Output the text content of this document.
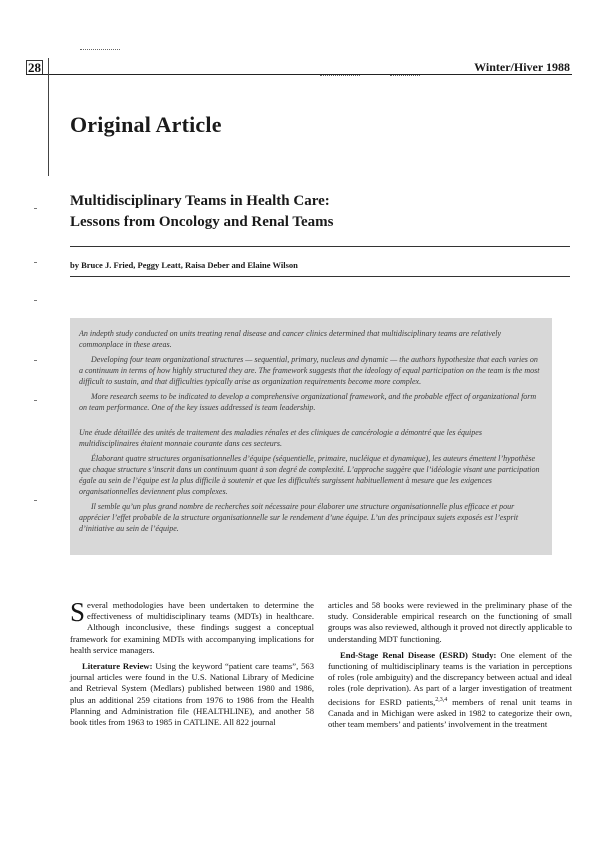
28	Winter/Hiver 1988
Original Article
Multidisciplinary Teams in Health Care:
Lessons from Oncology and Renal Teams
by Bruce J. Fried, Peggy Leatt, Raisa Deber and Elaine Wilson

An indepth study conducted on units treating renal disease and cancer clinics determined that multidisciplinary teams are relatively commonplace in these areas.

Developing four team organizational structures — sequential, primary, nucleus and dynamic — the authors hypothesize that each varies on a continuum in terms of how highly structured they are. The framework suggests that the ideology of equal participation on the team is the most difficult to sustain, and that difficulties typically arise as organization requirements become more complex.

More research seems to be indicated to develop a comprehensive organizational framework, and the probable effect of organizational form on team performance. One of the key issues addressed is team leadership.

Une étude détaillée des unités de traitement des maladies rénales et des cliniques de cancérologie a démontré que les équipes multidisciplinaires étaient monnaie courante dans ces secteurs.

Élaborant quatre structures organisationnelles d’équipe (séquentielle, primaire, nucléique et dynamique), les auteurs émettent l’hypothèse que chaque structure s’inscrit dans un continuum quant à son degré de complexité. L’approche suggère que l’idéologie visant une participation égale au sein de l’équipe est la plus difficile à soutenir et que les difficultés surgissent habituellement à mesure que les exigences organisationnelles deviennent plus complexes.

Il semble qu’un plus grand nombre de recherches soit nécessaire pour élaborer une structure organisationnelle plus efficace et pour apprécier l’effet probable de la structure organisationnelle sur le rendement d’une équipe. L’un des principaux sujets exposés est l’esprit d’initiative au sein de l’équipe.

Several methodologies have been undertaken to determine the effectiveness of multidisciplinary teams (MDTs) in healthcare. Although inconclusive, these findings suggest a conceptual framework for examining MDTs with accompanying implications for health service managers.

Literature Review: Using the keyword “patient care teams”, 563 journal articles were found in the U.S. National Library of Medicine and Retrieval System (Medlars) published between 1980 and 1986, plus an additional 259 citations from 1976 to 1986 from the Health Planning and Administration file (HEALTHLINE), and another 58 book titles from 1963 to 1985 in CATLINE. All 822 journal

articles and 58 books were reviewed in the preliminary phase of the study. Considerable empirical research on the functioning of small groups was also reviewed, although it proved not directly applicable to understanding MDT functioning.

End-Stage Renal Disease (ESRD) Study: One element of the functioning of multidisciplinary teams is the variation in perceptions of roles (role ambiguity) and the discrepancy between actual and ideal roles (role deprivation). As part of a larger investigation of treatment decisions for ESRD patients,$^{2,3,4}$ members of renal unit teams in Canada and in Michigan were asked in 1982 to categorize their own, other team members’ and patients’ involvement in the treatment
